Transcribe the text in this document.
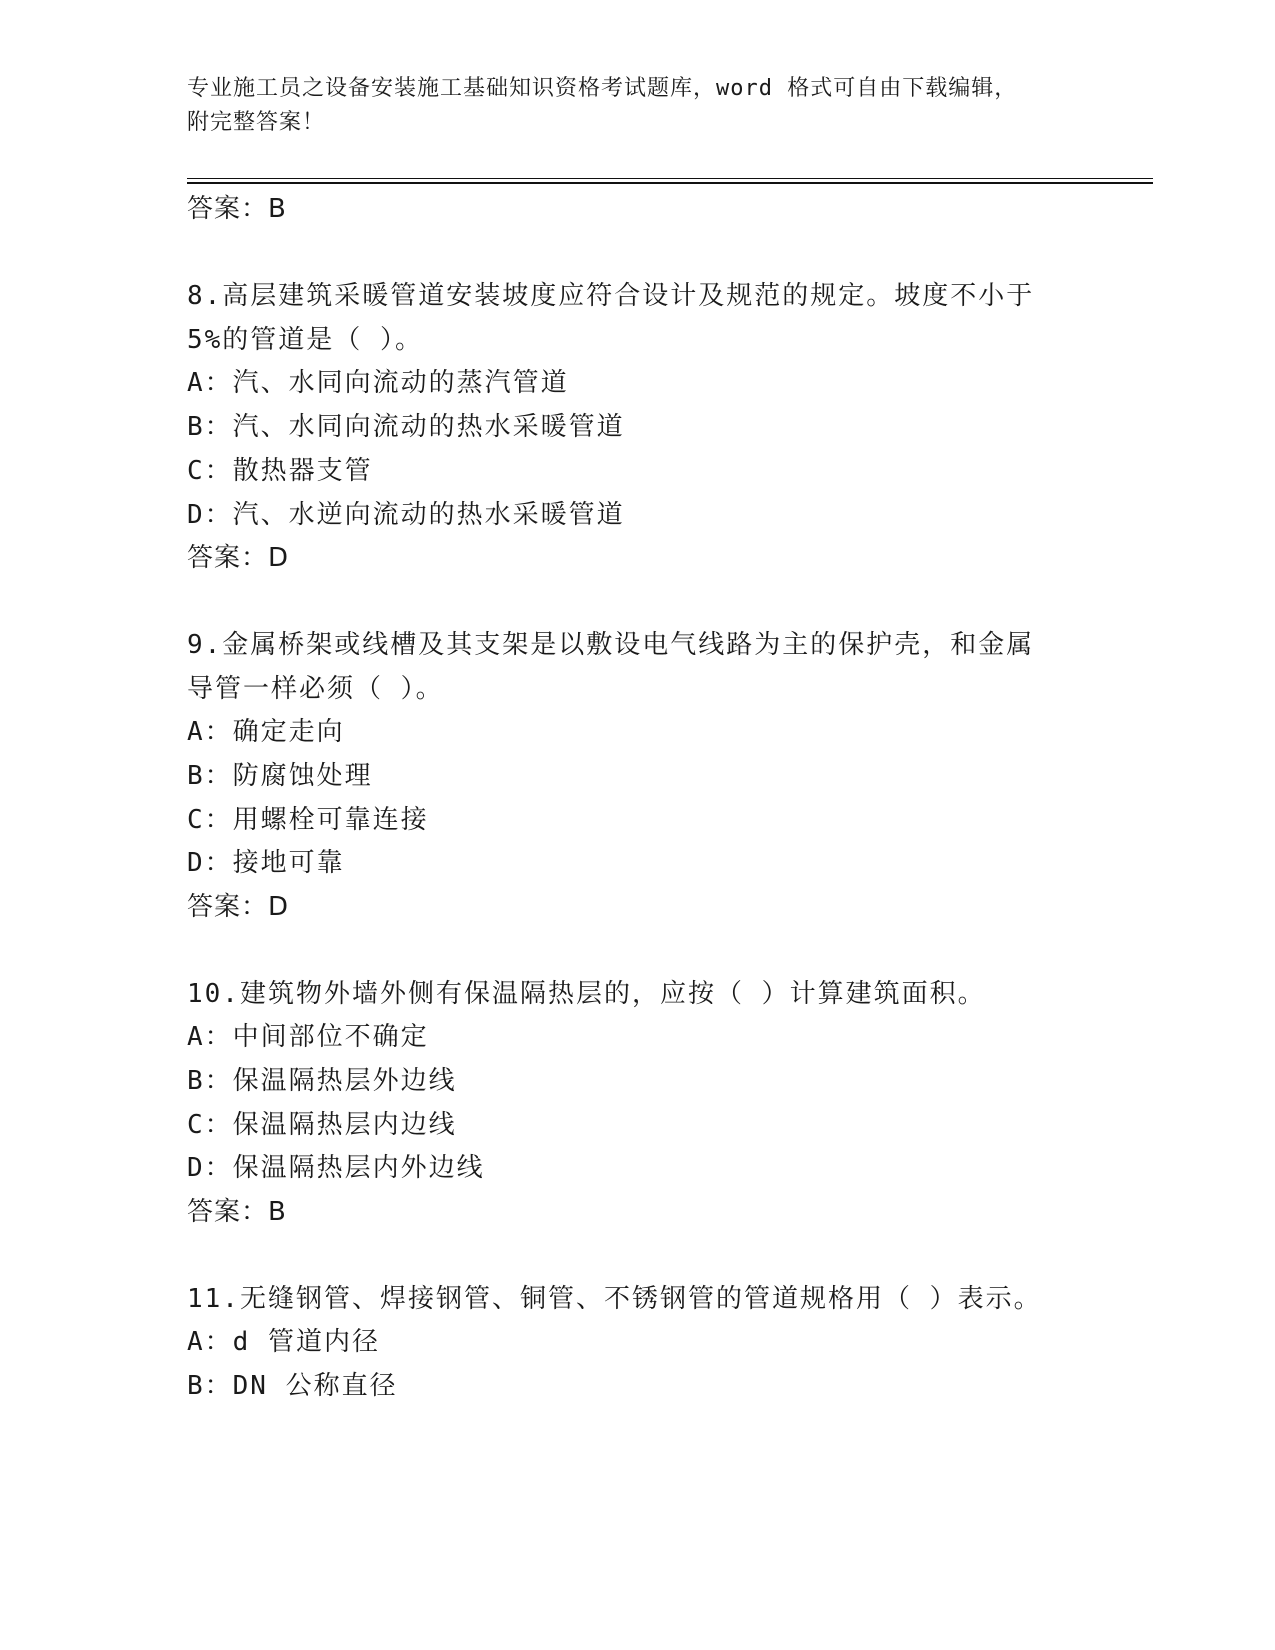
专业施工员之设备安装施工基础知识资格考试题库，word 格式可自由下载编辑，
附完整答案！
答案：B
8.高层建筑采暖管道安装坡度应符合设计及规范的规定。坡度不小于
5%的管道是（ ）。
A：汽、水同向流动的蒸汽管道
B：汽、水同向流动的热水采暖管道
C：散热器支管
D：汽、水逆向流动的热水采暖管道
答案：D
9.金属桥架或线槽及其支架是以敷设电气线路为主的保护壳，和金属
导管一样必须（ ）。
A：确定走向
B：防腐蚀处理
C：用螺栓可靠连接
D：接地可靠
答案：D
10.建筑物外墙外侧有保温隔热层的，应按（ ）计算建筑面积。
A：中间部位不确定
B：保温隔热层外边线
C：保温隔热层内边线
D：保温隔热层内外边线
答案：B
11.无缝钢管、焊接钢管、铜管、不锈钢管的管道规格用（ ）表示。
A：d 管道内径
B：DN 公称直径
